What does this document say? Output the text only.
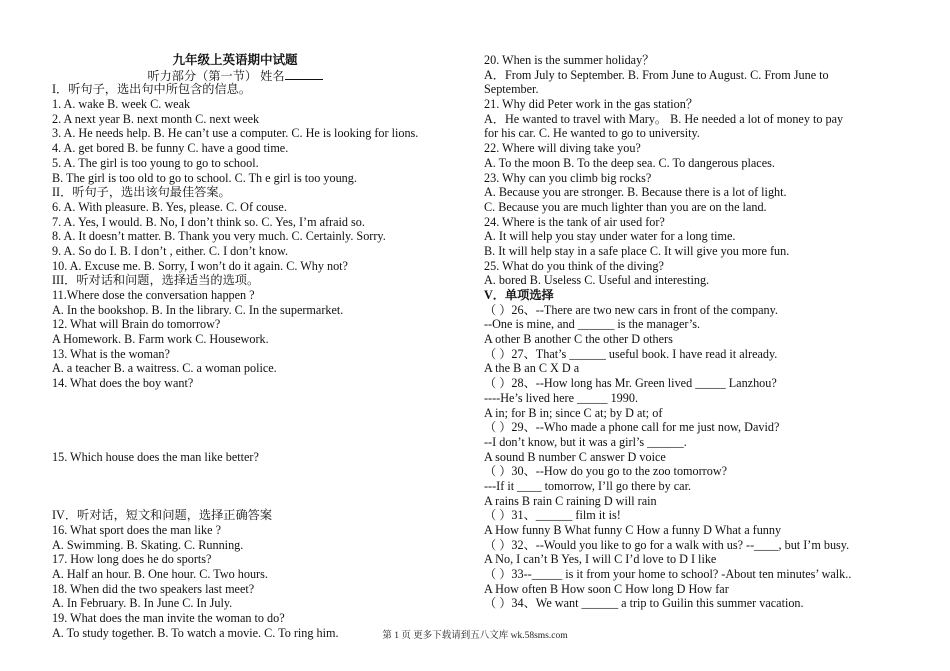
九年级上英语期中试题
听力部分（第一节） 姓名
I．听句子，选出句中所包含的信息。
1. A. wake B. week C. weak
2. A next year B. next month C. next week
3. A. He needs help. B. He can’t use a computer. C. He is looking for lions.
4. A. get bored B. be funny C. have a good time.
5. A. The girl is too young to go to school.
B. The girl is too old to go to school. C. Th e girl is too young.
II．听句子，选出该句最佳答案。
6. A. With pleasure. B. Yes, please. C. Of couse.
7. A. Yes, I would. B. No, I don’t think so. C. Yes, I’m afraid so.
8. A. It doesn’t matter. B. Thank you very much. C. Certainly. Sorry.
9. A. So do I. B. I don’t , either. C. I don’t know.
10. A. Excuse me. B. Sorry, I won’t do it again. C. Why not?
III．听对话和问题，选择适当的选项。
11.Where dose the conversation happen ?
A. In the bookshop. B. In the library. C. In the supermarket.
12. What will Brain do tomorrow?
A Homework. B. Farm work C. Housework.
13. What is the woman?
A. a teacher B. a waitress. C. a woman police.
14. What does the boy want?
15. Which house does the man like better?
IV．听对话，短文和问题，选择正确答案
16. What sport does the man like ?
A. Swimming. B. Skating. C. Running.
17. How long does he do sports?
A. Half an hour. B. One hour. C. Two hours.
18. When did the two speakers last meet?
A. In February. B. In June C. In July.
19. What does the man invite the woman to do?
A. To study together. B. To watch a movie. C. To ring him.
20. When is the summer holiday？
A．From July to September. B. From June to August. C. From June to
September.
21. Why did Peter work in the gas station？
A．He wanted to travel with Mary。 B. He needed a lot of money to pay
for his car. C. He wanted to go to university.
22. Where will diving take you?
A. To the moon B. To the deep sea. C. To dangerous places.
23. Why can you climb big rocks?
A. Because you are stronger. B. Because there is a lot of light.
C. Because you are much lighter than you are on the land.
24. Where is the tank of air used for?
A. It will help you stay under water for a long time.
B. It will help stay in a safe place C. It will give you more fun.
25. What do you think of the diving?
A. bored B. Useless C. Useful and interesting.
V．单项选择
（ ）26、--There are two new cars in front of the company.
--One is mine, and ______ is the manager’s.
A other B another C the other D others
（ ）27、That’s ______ useful book. I have read it already.
A the B an C X D a
（ ）28、--How long has Mr. Green lived _____ Lanzhou?
----He’s lived here _____ 1990.
A in; for B in; since C at; by D at; of
（ ）29、--Who made a phone call for me just now, David?
--I don’t know, but it was a girl’s ______.
A sound B number C answer D voice
（ ）30、--How do you go to the zoo tomorrow?
---If it ____ tomorrow, I’ll go there by car.
A rains B rain C raining D will rain
（ ）31、______ film it is!
A How funny B What funny C How a funny D What a funny
（ ）32、--Would you like to go for a walk with us? --____, but I’m busy.
A No, I can’t B Yes, I will C I’d love to D I like
（ ）33--_____ is it from your home to school? -About ten minutes’ walk..
A How often B How soon C How long D How far
（ ）34、We want ______ a trip to Guilin this summer vacation.
第 1 页 更多下载请到五八文库 wk.58sms.com
